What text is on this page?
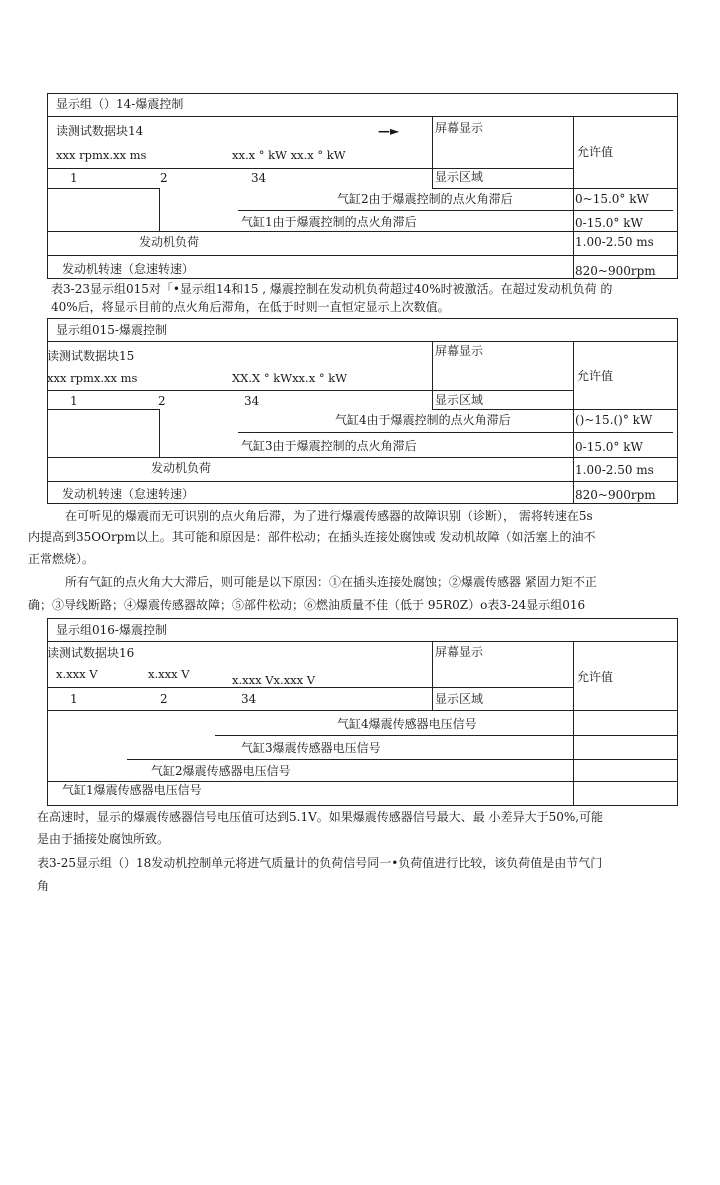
显示组（）14-爆震控制
读测试数据块14	—►	屏幕显示
xxx rpmx.xx ms	xx.x ° kW xx.x ° kW	允许值
1	2	34	显示区域
气缸2由于爆震控制的点火角滞后	0~15.0° kW
气缸1由于爆震控制的点火角滞后	0-15.0° kW
发动机负荷	1.00-2.50 ms
发动机转速（怠速转速）	820~900rpm
表3-23显示组015对「•显示组14和15 , 爆震控制在发动机负荷超过40%时被激活。在超过发动机负荷 的
40%后，将显示目前的点火角后滞角，在低于时则一直恒定显示上次数值。
显示组015-爆震控制
读测试数据块15	屏幕显示
xxx rpmx.xx ms	XX.X ° kWxx.x ° kW	允许值
1	2	34	显示区域
气缸4由于爆震控制的点火角滞后	()~15.()° kW
气缸3由于爆震控制的点火角滞后	0-15.0° kW
发动机负荷	1.00-2.50 ms
发动机转速（怠速转速）	820~900rpm
在可听见的爆震而无可识别的点火角后滞，为了进行爆震传感器的故障识别（诊断）， 需将转速在5s
内提高到35OOrpm以上。其可能和原因是：部件松动；在插头连接处腐蚀或 发动机故障（如活塞上的油不
正常燃烧）。
所有气缸的点火角大大滞后，则可能是以下原因：①在插头连接处腐蚀；②爆震传感器 紧固力矩不正
确；③导线断路；④爆震传感器故障；⑤部件松动；⑥燃油质量不佳（低于 95R0Z）o表3-24显示组016
显示组016-爆震控制
读测试数据块16	屏幕显示
x.xxx V	x.xxx V	x.xxx Vx.xxx V	允许值
1	2	34	显示区域
气缸4爆震传感器电压信号
气缸3爆震传感器电压信号
气缸2爆震传感器电压信号
气缸1爆震传感器电压信号
在高速时，显示的爆震传感器信号电压值可达到5.1V。如果爆震传感器信号最大、最 小差异大于50%,可能
是由于插接处腐蚀所致。
表3-25显示组（）18发动机控制单元将进气质量计的负荷信号同一•负荷值进行比较，该负荷值是由节气门
角
